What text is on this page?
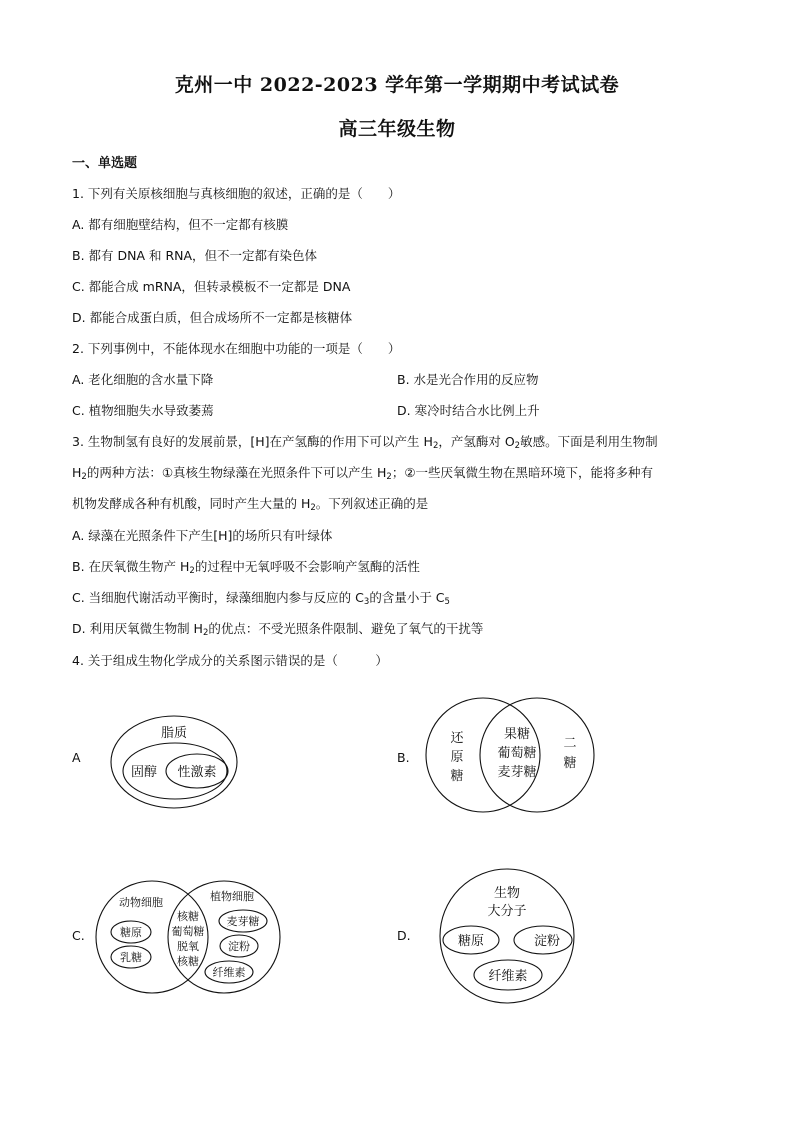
克州一中 2022-2023 学年第一学期期中考试试卷
高三年级生物
一、单选题
1. 下列有关原核细胞与真核细胞的叙述，正确的是（　　）
A. 都有细胞壁结构，但不一定都有核膜
B. 都有 DNA 和 RNA，但不一定都有染色体
C. 都能合成 mRNA，但转录模板不一定都是 DNA
D. 都能合成蛋白质，但合成场所不一定都是核糖体
2. 下列事例中，不能体现水在细胞中功能的一项是（　　）
A. 老化细胞的含水量下降	B. 水是光合作用的反应物
C. 植物细胞失水导致萎蔫	D. 寒冷时结合水比例上升
3. 生物制氢有良好的发展前景，[H]在产氢酶的作用下可以产生 $H_2$，产氢酶对 $O_2$敏感。下面是利用生物制
$H_2$的两种方法：①真核生物绿藻在光照条件下可以产生 $H_2$；②一些厌氧微生物在黑暗环境下，能将多种有
机物发酵成各种有机酸，同时产生大量的 $H_2$。下列叙述正确的是
A. 绿藻在光照条件下产生[H]的场所只有叶绿体
B. 在厌氧微生物产 $H_2$的过程中无氧呼吸不会影响产氢酶的活性
C. 当细胞代谢活动平衡时，绿藻细胞内参与反应的 $C_3$的含量小于 $C_5$
D. 利用厌氧微生物制 $H_2$的优点：不受光照条件限制、避免了氧气的干扰等
4. 关于组成生物化学成分的关系图示错误的是（　　　）
A
脂质
固醇 性激素
B.
还
原
糖
果糖
葡萄糖
麦芽糖
二
糖
C.
动物细胞	植物细胞
糖原
乳糖
核糖
葡萄糖
脱氧
核糖
麦芽糖
淀粉
纤维素
D.
生物
大分子
糖原	淀粉
纤维素
